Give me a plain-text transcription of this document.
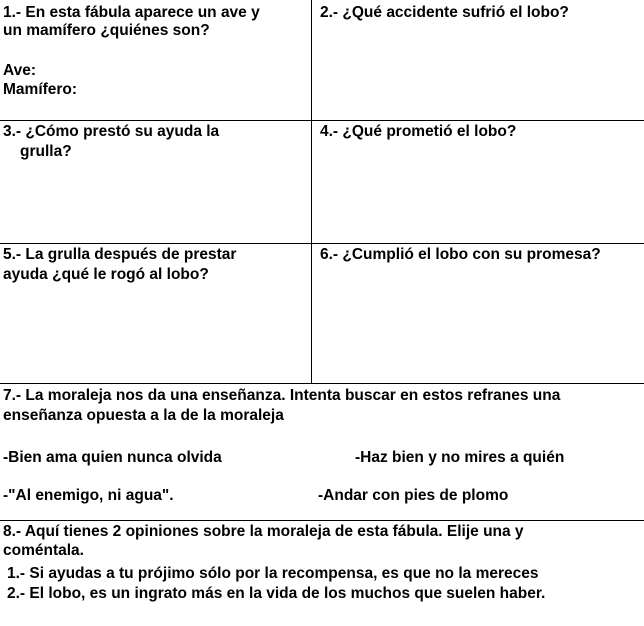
1.- En esta fábula aparece un ave y
un mamífero ¿quiénes son?
Ave:
Mamífero:
2.- ¿Qué accidente sufrió el lobo?
3.- ¿Cómo prestó su ayuda la
grulla?
4.- ¿Qué prometió el lobo?
5.- La grulla después de prestar
ayuda ¿qué le rogó al lobo?
6.- ¿Cumplió el lobo con su promesa?
7.- La moraleja nos da una enseñanza. Intenta buscar en estos refranes una
enseñanza opuesta a la de la moraleja
-Bien ama quien nunca olvida	-Haz bien y no mires a quién
-"Al enemigo, ni agua".	-Andar con pies de plomo
8.- Aquí tienes 2 opiniones sobre la moraleja de esta fábula. Elije una y
coméntala.
1.- Si ayudas a tu prójimo sólo por la recompensa, es que no la mereces
2.- El lobo, es un ingrato más en la vida de los muchos que suelen haber.
